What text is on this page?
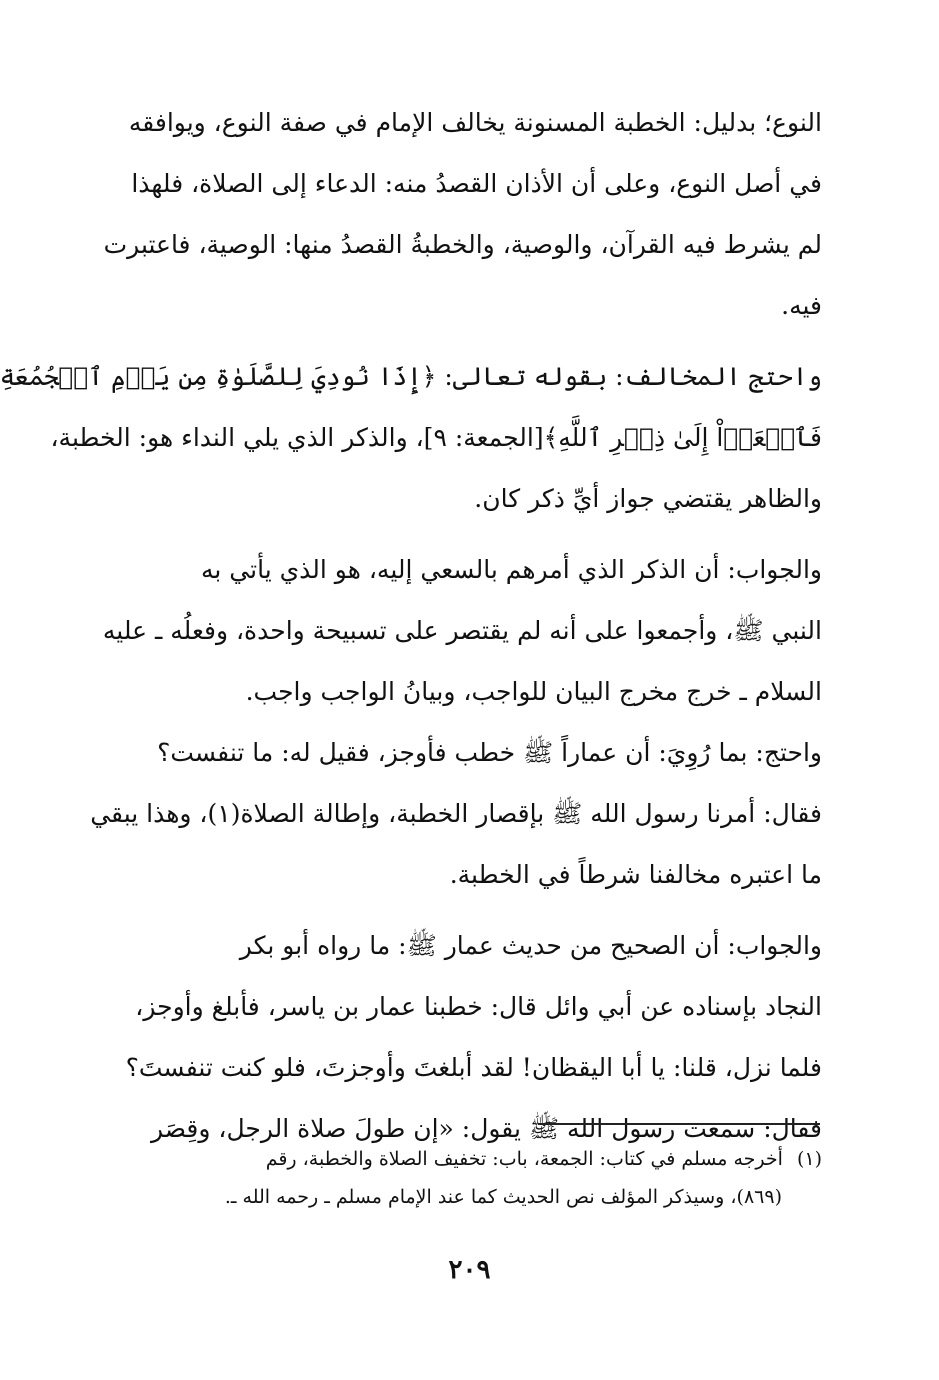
النوع؛ بدليل: الخطبة المسنونة يخالف الإمام في صفة النوع، ويوافقه
في أصل النوع، وعلى أن الأذان القصدُ منه: الدعاء إلى الصلاة، فلهذا
لم يشرط فيه القرآن، والوصية، والخطبةُ القصدُ منها: الوصية، فاعتبرت
فيه.
واحتج المخالف: بقوله تعالى: ﴿إِذَا نُودِيَ لِلصَّلَوٰةِ مِن يَوۡمِ ٱلۡجُمُعَةِ
فَٱسۡعَوۡاْ إِلَىٰ ذِكۡرِ ٱللَّهِ﴾[الجمعة: ٩]، والذكر الذي يلي النداء هو: الخطبة،
والظاهر يقتضي جواز أيِّ ذكر كان.
والجواب: أن الذكر الذي أمرهم بالسعي إليه، هو الذي يأتي به
النبي ﷺ، وأجمعوا على أنه لم يقتصر على تسبيحة واحدة، وفعلُه ـ عليه
السلام ـ خرج مخرج البيان للواجب، وبيانُ الواجب واجب.
واحتج: بما رُوِيَ: أن عماراً ﷺ خطب فأوجز، فقيل له: ما تنفست؟
فقال: أمرنا رسول الله ﷺ بإقصار الخطبة، وإطالة الصلاة(١)، وهذا يبقي
ما اعتبره مخالفنا شرطاً في الخطبة.
والجواب: أن الصحيح من حديث عمار ﷺ: ما رواه أبو بكر
النجاد بإسناده عن أبي وائل قال: خطبنا عمار بن ياسر، فأبلغ وأوجز،
فلما نزل، قلنا: يا أبا اليقظان! لقد أبلغتَ وأوجزتَ، فلو كنت تنفستَ؟
فقال: سمعت رسول الله ﷺ يقول: «إن طولَ صلاة الرجل، وقِصَر
(١)أخرجه مسلم في كتاب: الجمعة، باب: تخفيف الصلاة والخطبة، رقم
(٨٦٩)، وسيذكر المؤلف نص الحديث كما عند الإمام مسلم ـ رحمه الله ـ.
٢٠٩
